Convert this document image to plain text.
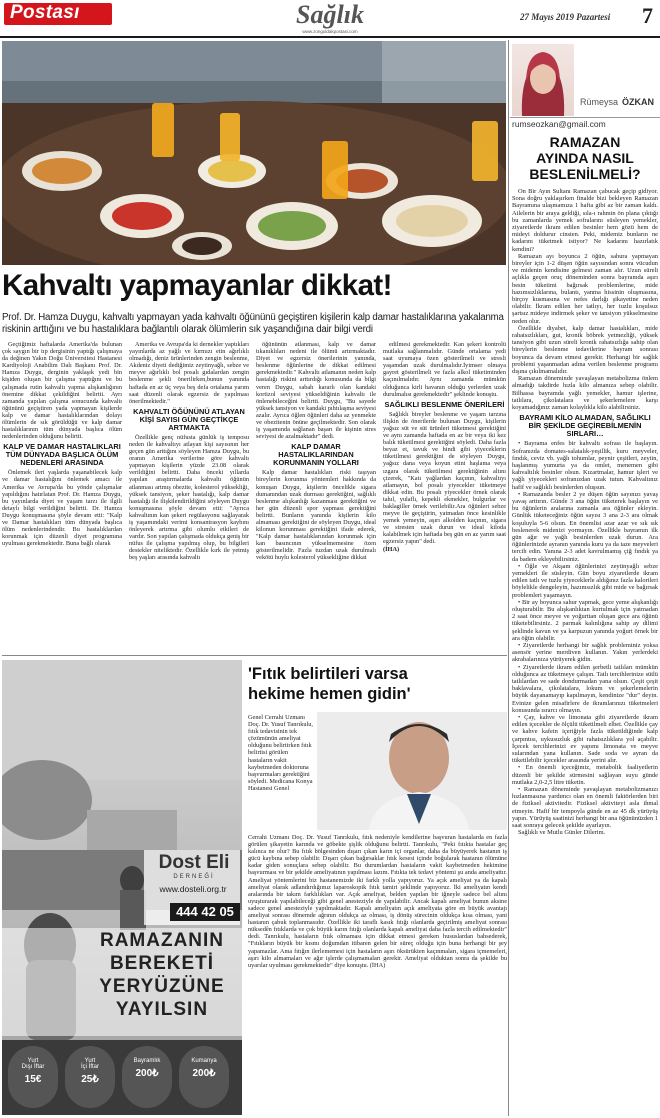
Postası	Sağlık
www.zonguldakpostasi.com
27 Mayıs 2019 Pazartesi 7
Kahvaltı yapmayanlar dikkat!
Prof. Dr. Hamza Duygu, kahvaltı yapmayan yada kahvaltı öğününü geçiştiren kişilerin kalp damar hastalıklarına yakalanma riskinin arttığını ve bu hastalıklara bağlantılı olarak ölümlerin sık yaşandığına dair bilgi verdi

Geçtiğimiz haftalarda Amerika'da bulunan çok saygın bir tıp dergisinin yaptığı çalışmaya da değinen Yakın Doğu Üniversitesi Hastanesi Kardiyoloji Anabilim Dalı Başkanı Prof. Dr. Hamza Duygu, derginin yaklaşık yedi bin kişiden oluşan bir çalışma yaptığını ve bu çalışmada rutin kahvaltı yapma alışkanlığının önemine dikkat çekildiğini belirtti. Ayrı zamanda yapılan çalışma sonucunda kahvaltı öğününü geçiştiren yada yapmayan kişilerde kalp ve damar hastalıklarından dolayı ölümlerin de sık görüldüğü ve kalp damar hastalıklarının tüm dünyada başlıca ölüm nedenlerinden olduğunu belirtti.

KALP VE DAMAR HASTALIKLARI TÜM DÜNYADA BAŞLICA ÖLÜM NEDENLERİ ARASINDA

Önlemek ileri yaşlarda yaşanabilecek kalp ve damar hastalığını önlemek amacı ile Amerika ve Avrupa'da bu yönde çalışmalar yapıldığını hatırlatan Prof. Dr. Hamza Duygu, bu yayınlarda diyet ve yaşam tarzı ile ilgili detaylı bilgi verildiğini belirtti. Dr. Hamza Duygu konuşmasına şöyle devam etti: "Kalp ve Damar hastalıkları tüm dünyada başlıca ölüm nedenlerindendir. Bu hastalıklardan korunmak için düzenli diyet programına uyulması gerekmektedir. Buna bağlı olarak

Amerika ve Avrupa'da ki dernekler yaptıkları yayınlarda az yağlı ve kırmızı etin ağırlıklı olmadığı, deniz ürünlerinden zengin beslenme, Akdeniz diyeti dediğimiz zeytinyağlı, sebze ve meyve ağırlıklı bol posalı gıdalardan zengin beslenme şekli önerilirken,bunun yanında haftada en az üç veya beş defa ortalama yarım saat düzenli olarak egzersiz de yapılması önerilmektedir."

KAHVALTI ÖĞÜNÜNÜ ATLAYAN KİŞİ SAYISI GÜN GEÇTİKÇE ARTMAKTA

Özellikle genç nüfusta günlük iş temposu neden ile kahvaltıyı atlayan kişi sayısının her geçen gün arttığını söyleyen Hamza Duygu, bu oranın Amerika verilerine göre kahvaltı yapmayan kişilerin yüzde 23.08 olarak verildiğini belirtti. Daha önceki yıllarda yapılan araştırmalarda kahvaltı öğünün atlanması artmış obezite, kolesterol yüksekliği, yüksek tansiyon, şeker hastalığı, kalp damar hastalığı ile ilişkilendirildiğini söyleyen Duygu konuşmasına şöyle devam etti: "Ayrıca kahvaltının kan şekeri regülasyonu sağlayarak iş yaşamındaki verimi konsantrasyon kaybını önleyerek artırma gibi olumlu etkileri de vardır. Son yapılan çalışmada oldukça geniş bir nüfus ile çalışma yapılmış olup, bu bilgileri destekler niteliktedir. Özellikle kırk ile yetmiş beş yaşları arasında kahvaltı

öğününün atlanması, kalp ve damar tıkanıklıları nedeni ile ölümü artırmaktadır. Diyet ve egzersiz önerilerinin yanında, beslenme öğünlerine de dikkat edilmesi gerekmektedir." Kahvaltı atlamanın neden kalp hastalığı riskini arttırdığı konusunda da bilgi veren Duygu, sabah kararlı olan kandaki kortizol seviyesi yükseldiğinin kahvaltı ile önlenebileceğini belirtti. Duygu, "Bu sayede yüksek tansiyon ve kandaki pıhtılaşma seviyesi azalır. Ayrıca öğlen öğünleri daha az yenmekte ve obezitenin önüne geçilmektedir. Son olarak iş yaşamında sağlanan başarı ile kişinin stres seviyesi de azalmaktadır" dedi.

KALP DAMAR HASTALIKLARINDAN KORUNMANIN YOLLARI

Kalp damar hastalıkları riski taşıyan bireylerin korunma yöntemleri hakkında da konuşan Duygu, kişilerin öncelikle sigara dumanından uzak durması gerektiğini, sağlıklı beslenme alışkanlığı kazanması gerektiğini ve her gün düzenli spor yapması gerektiğini belirtti. Bunların yanında kişilerin kilo almaması gerektiğini de söyleyen Duygu, ideal kilonun korunması gerektiğini ifade ederek, "Kalp damar hastalıklarından korunmak için kan basıncının yükselmemesine özen gösterilmelidir. Fazla tuzdan uzak durulmalı vekötü huylu kolesterol yüksekliğine dikkat

edilmesi gerekmektedir. Kan şekeri kontrolü mutlaka sağlanmalıdır. Günde ortalama yedi saat uyumaya özen gösterilmeli ve stresli yaşamdan uzak durulmalıdır.İyimser olmaya gayret gösterilmeli ve fazla alkol tüketiminden kaçınılmalıdır. Aynı zamanda mümkün olduğunca kirli havanın olduğu yerlerden uzak durulmalısı gerekmektedir" şeklinde konuştu.

SAĞLIKLI BESLENME ÖNERİLERİ

Sağlıklı bireyler beslenme ve yaşam tarzına ilişkin de önerilerde bulunan Duygu, kişilerin yağsız süt ve süt ürünleri tüketmesi gerektiğini ve aynı zamanda haftada en az bir veya iki kez balık tüketilmesi gerektiğini söyledi. Daha fazla beyaz et, tavuk ve hindi gibi yiyeceklerin tüketilmesi gerektiğini de söyleyen Duygu, yağsız dana veya koyun etini haşlama veya ızgara olarak tüketilmesi gerektiğinin altını çizerek, "Katı yağlardan kaçının, kahvaltıyı atlamayın, bol posalı yiyecekler tüketmeye dikkat edin. Bu posalı yiyecekler örnek olarak tahıl, yulaflı, kepekli ekmekler, bulgurlar ve baklagiller örnek verilebilir.Ara öğünleri sebze meyve ile geçiştirin, yatmadan önce kesinlikle yemek yemeyin, aşırı alkolden kaçının, sigara ve stresten uzak durun ve ideal kiloda kalabilmek için haftada beş gün en az yarım saat egzersiz yapın" dedi.

(İHA)
Dost Eli
DERNEĞİ
www.dosteli.org.tr
444 42 05
RAMAZANIN
BEREKETİ
YERYÜZÜNE
YAYILSIN
Yurt
Dışı İftar
15€
Yurt
İçi İftar
25₺
Bayramlık
200₺
Kumanya
200₺
'Fıtık belirtileri varsa
hekime hemen gidin'
Genel Cerrahi Uzmanı Doç. Dr. Yusuf Tanrıkulu, fıtık tedavisinin tek çözümünün ameliyat olduğunu belirtirken fıtık belirtisi görülen hastaların vakit kaybetmeden doktoruna başvurmaları gerektiğini söyledi. Medicana Konya Hastanesi Genel
Cerrahi Uzmanı Doç. Dr. Yusuf Tanrıkulu, fıtık nedeniyle kendilerine başvuran hastalarda en fazla görülen şikayetin karında ve göbekte şişlik olduğunu belirtti. Tanrıkulu, "Peki fıtıkta hastalar geç kalınca ne olur? Bu fıtık bölgesinden dışarı çıkan karın içi organlar, daha da büyüyerek hastanın iş gücü kaybına sebep olabilir. Dışarı çıkan bağırsaklar fıtık kesesi içinde boğularak hastanın ölümüne kadar giden sonuçlara sebep olabilir. Bu durumlardan hastaların vakit kaybetmeden hekimine başvurması ve bir şekilde ameliyatının yapılması lazım. Fıtıkta tek tedavi yöntemi şu anda ameliyattır. Ameliyat yöntemlerini biz hastanemizde iki farklı yolla yapıyoruz. Ya açık ameliyat ya da kapalı ameliyat olarak adlandırdığımız laparoskopik fıtık tamiri şeklinde yapıyoruz. İki ameliyatın kendi aralarında bir takım farklılıkları var. Açık ameliyat, belden yapılan bir iğneyle sadece bel altını uyuşturarak yapılabileceği gibi genel anesteziyle de yapılabilir. Ancak kapalı ameliyat bunun aksine sadece genel anesteziyle yapılmaktadır. Kapalı ameliyatın açık ameliyata göre en büyük avantajı ameliyat sonrası dönemde ağrının oldukça az olması, iş dönüş sürecinin oldukça kısa olması, yani hastanın çabuk toplanmasıdır. Özellikle iki taraflı kasık fıtığı olanlarda geçirilmiş ameliyat sonrası nüksedên fıtıklarda ve çok büyük karın fıtığı olanlarda kapalı ameliyat daha fazla tercih edilmektedir" dedi. Tanrıkulu, hastaların fıtık olmaması için dikkat etmesi gereken hususlardan bahsederek, "Fıtıkların büyük bir kısmı doğumdan itibaren gelen bir süreç olduğu için buna herhangi bir şey yapamazlar. Ama fıtığın ilerlememesi için hastaların aşırı öksürükten kaçınmaları, sigara içmemeleri, aşırı kilo almamaları ve ağır işlerde çalışmamaları gerekir. Ameliyat olduktan sonra da şekilde bu uyarılar uyulması gerekmektedir" diye konuştu. (İHA)
Rümeysa ÖZKAN
rumseozkan@gmail.com
RAMAZAN
AYINDA NASIL
BESLENİLMELİ?

On Bir Ayın Sultanı Ramazan çabucak geçip gidiyor. Sona doğru yaklaşırken finalde bizi bekleyen Ramazan Bayramına ulaşmamıza 1 hafta gibi az bir zaman kaldı. Ailelerin bir araya geldiği, sıla-ı rahmin ön plana çıktığı bu zamanlarda yemek sofralarını süsleyen yemekler, ziyaretlerde ikram edilen besinler hem gözü hem de mideyi doldurur cinsten. Peki, midemiz bunların ne kadarını tüketmek istiyor? Ne kadarını hazırlatık kendini?

Ramazan ayı boyunca 2 öğün, sahura yapmayan bireyler için 1-2 düşen öğün sayısından sonra vücudun ve midenin kendisine gelmesi zaman alır. Uzun süreli açlıkla geçen oruç döneminden sonra bayramda aşırı besin tüketimi bağırsak problemlerine, mide hazımsızlıklarına, bulantı, yanma hissinin oluşmasına, birçoy kusmasına ve nefes darlığı şikayetine neden olabilir. İkram edilen her tatlıyı, her tuzlu koşulsuz şartsız mideye indirmek şeker ve tansiyon yükselmesine neden olur.

Özellikle diyabet, kalp damar hastalıkları, mide rahatsızlıkları, gut, kronik böbrek yetmezliği, yüksek tansiyon gibi uzun süreli kronik rahatsızlığa sahip olan bireylerin beslenme tedavilerine bayram sonrası boyunca da devam etmesi gerekir. Herhangi bir sağlık problemi yaşanmadan adına verilen beslenme programı dışına çıkılmamalıdır.

Ramazan döneminde yavaşlayan metabolizma önlem almadığı takdirde hızla kilo almanıza sebep olabilir. Bilhassa bayramda yağlı yemekler, hamur işlerine, tatlılara, çikolatalara ve şekerlemelere karşı koyamadığınız zaman kolaylıkla kilo alabilirsiniz.

BAYRAMI KİLO ALMADAN, SAĞLIKLI BİR ŞEKİLDE GEÇİREBİLMENİN SIRLARI…

• Bayrama enfes bir kahvaltı sofrası ile başlayın. Sofranızda domates-salatalık-yeşillik, kuru meyveler, fındık, ceviz vb. yağlı tohumlar, peynir çeşitleri, zeytin, haşlanmış yumurta ya da omlet, menemen gibi kahvaltılık besinler olsun. Kızartmalar, hamur işleri ve yağlı yiyecekleri sofranızdan uzak tutun. Kahvaltınız hafif ve sağlıklı besinlerden oluşsun.

• Ramazanda besler 2 ye düşen öğün sayınızı yavaş yavaş arttırın. Günde 3 ana öğün tüketerek başlayın ve bu öğünlerin aralarına zamanla ara öğünler ekleyin. Günlük tüketeceğiniz öğün sayısı 3 ana 2-3 ara olmak koşuluyla 5-6 olsun. En önemlisi azar azar ve sık sık beslenerek midenizi yormayın. Özellikle bayramın ilk gün ağır ve yağlı besinlerden uzak durun. Ara öğünlerinizde ayranın yanında kuru ya da taze meyveleri tercih edin. Yanına 2-3 adet kavrulmamış çiğ fındık ya da badem ekleyebilirsiniz.

• Öğle ve Akşam öğünlerinizi zeytinyağlı sebze yemekleri ile süsleyin. Gün boyu ziyaretlerde ikram edilen tatlı ve tuzlu yiyeceklerle aldığınız fazla kalorileri böylelikle dengeleyin, hazımsızlık gibi mide ve bağırsak problemleri yaşamayın.

• Bir ay boyunca sahur yapmak, gece yeme alışkanlığı oluşturabilir. Bu alışkanlıktan kurtulmak için yatmadan 2 saat önce meyve ve yoğurttan oluşan gece ara öğünü tüketebilirsiniz. 2 parmak kalınlığına sahip ay dilimi şeklinde kavun ve ya karpuzun yanında yoğurt örnek bir ara öğün olabilir.

• Ziyaretlerde herhangi bir sağlık probleminiz yoksa asensör yerine merdiven kullanın. Yakın yerlerdeki akrabalarınıza yürüyerek gidin.

• Ziyaretlerde ikram edilen şerbetli tatlıları mümkün olduğunca az tüketmeye çalışın. Tatlı tercihlerinize sütlü tatlılardan ve sade dondurmadan yana olsun. Çeşit çeşit baklavalara, çikolatalara, lokum ve şekerlemelerin büyük dayanamayıp kapılmayın, kendinize "dur" deyin. Evinize gelen misafirlere de ikramlarınızı tüketmeleri konusunda ısrarcı olmayın.

• Çay, kahve ve limonata gibi ziyaretlerde ikram edilen içecekler de ölçülü tüketilmeli elbet. Özellikle çay ve kahve kafein içeriğiyle fazla tüketildiğinde kalp çarpıntısı, uykusuzluk gibi rahatsızlıklara yol açabilir. İçecek tercihlerinizi ev yapımı limonata ve meyve sularından yana kullanın. Sade soda ve ayran da tüketilebilir içecekler arasında yerini alır.

• En önemli içeceğimiz, metabolik faaliyetlerin düzenli bir şekilde sürmesini sağlayan suyu günde mutlaka 2,0-2,5 litre tüketin.

• Ramazan döneminde yavaşlayan metabolizmanızı hızlanmasına yardımcı olan en önemli faktörlerden biri de fiziksel aktivitedir. Fiziksel aktiviteyi asla ihmal etmeyin. Hafif bir tempoyla günde en az 45 dk yürüyüş yapın. Yürüyüş saatinizi herhangi bir ana öğününüzden 1 saat sonraya gelecek şekilde ayarlayın.

Sağlıklı ve Mutlu Günler Dilerim.
